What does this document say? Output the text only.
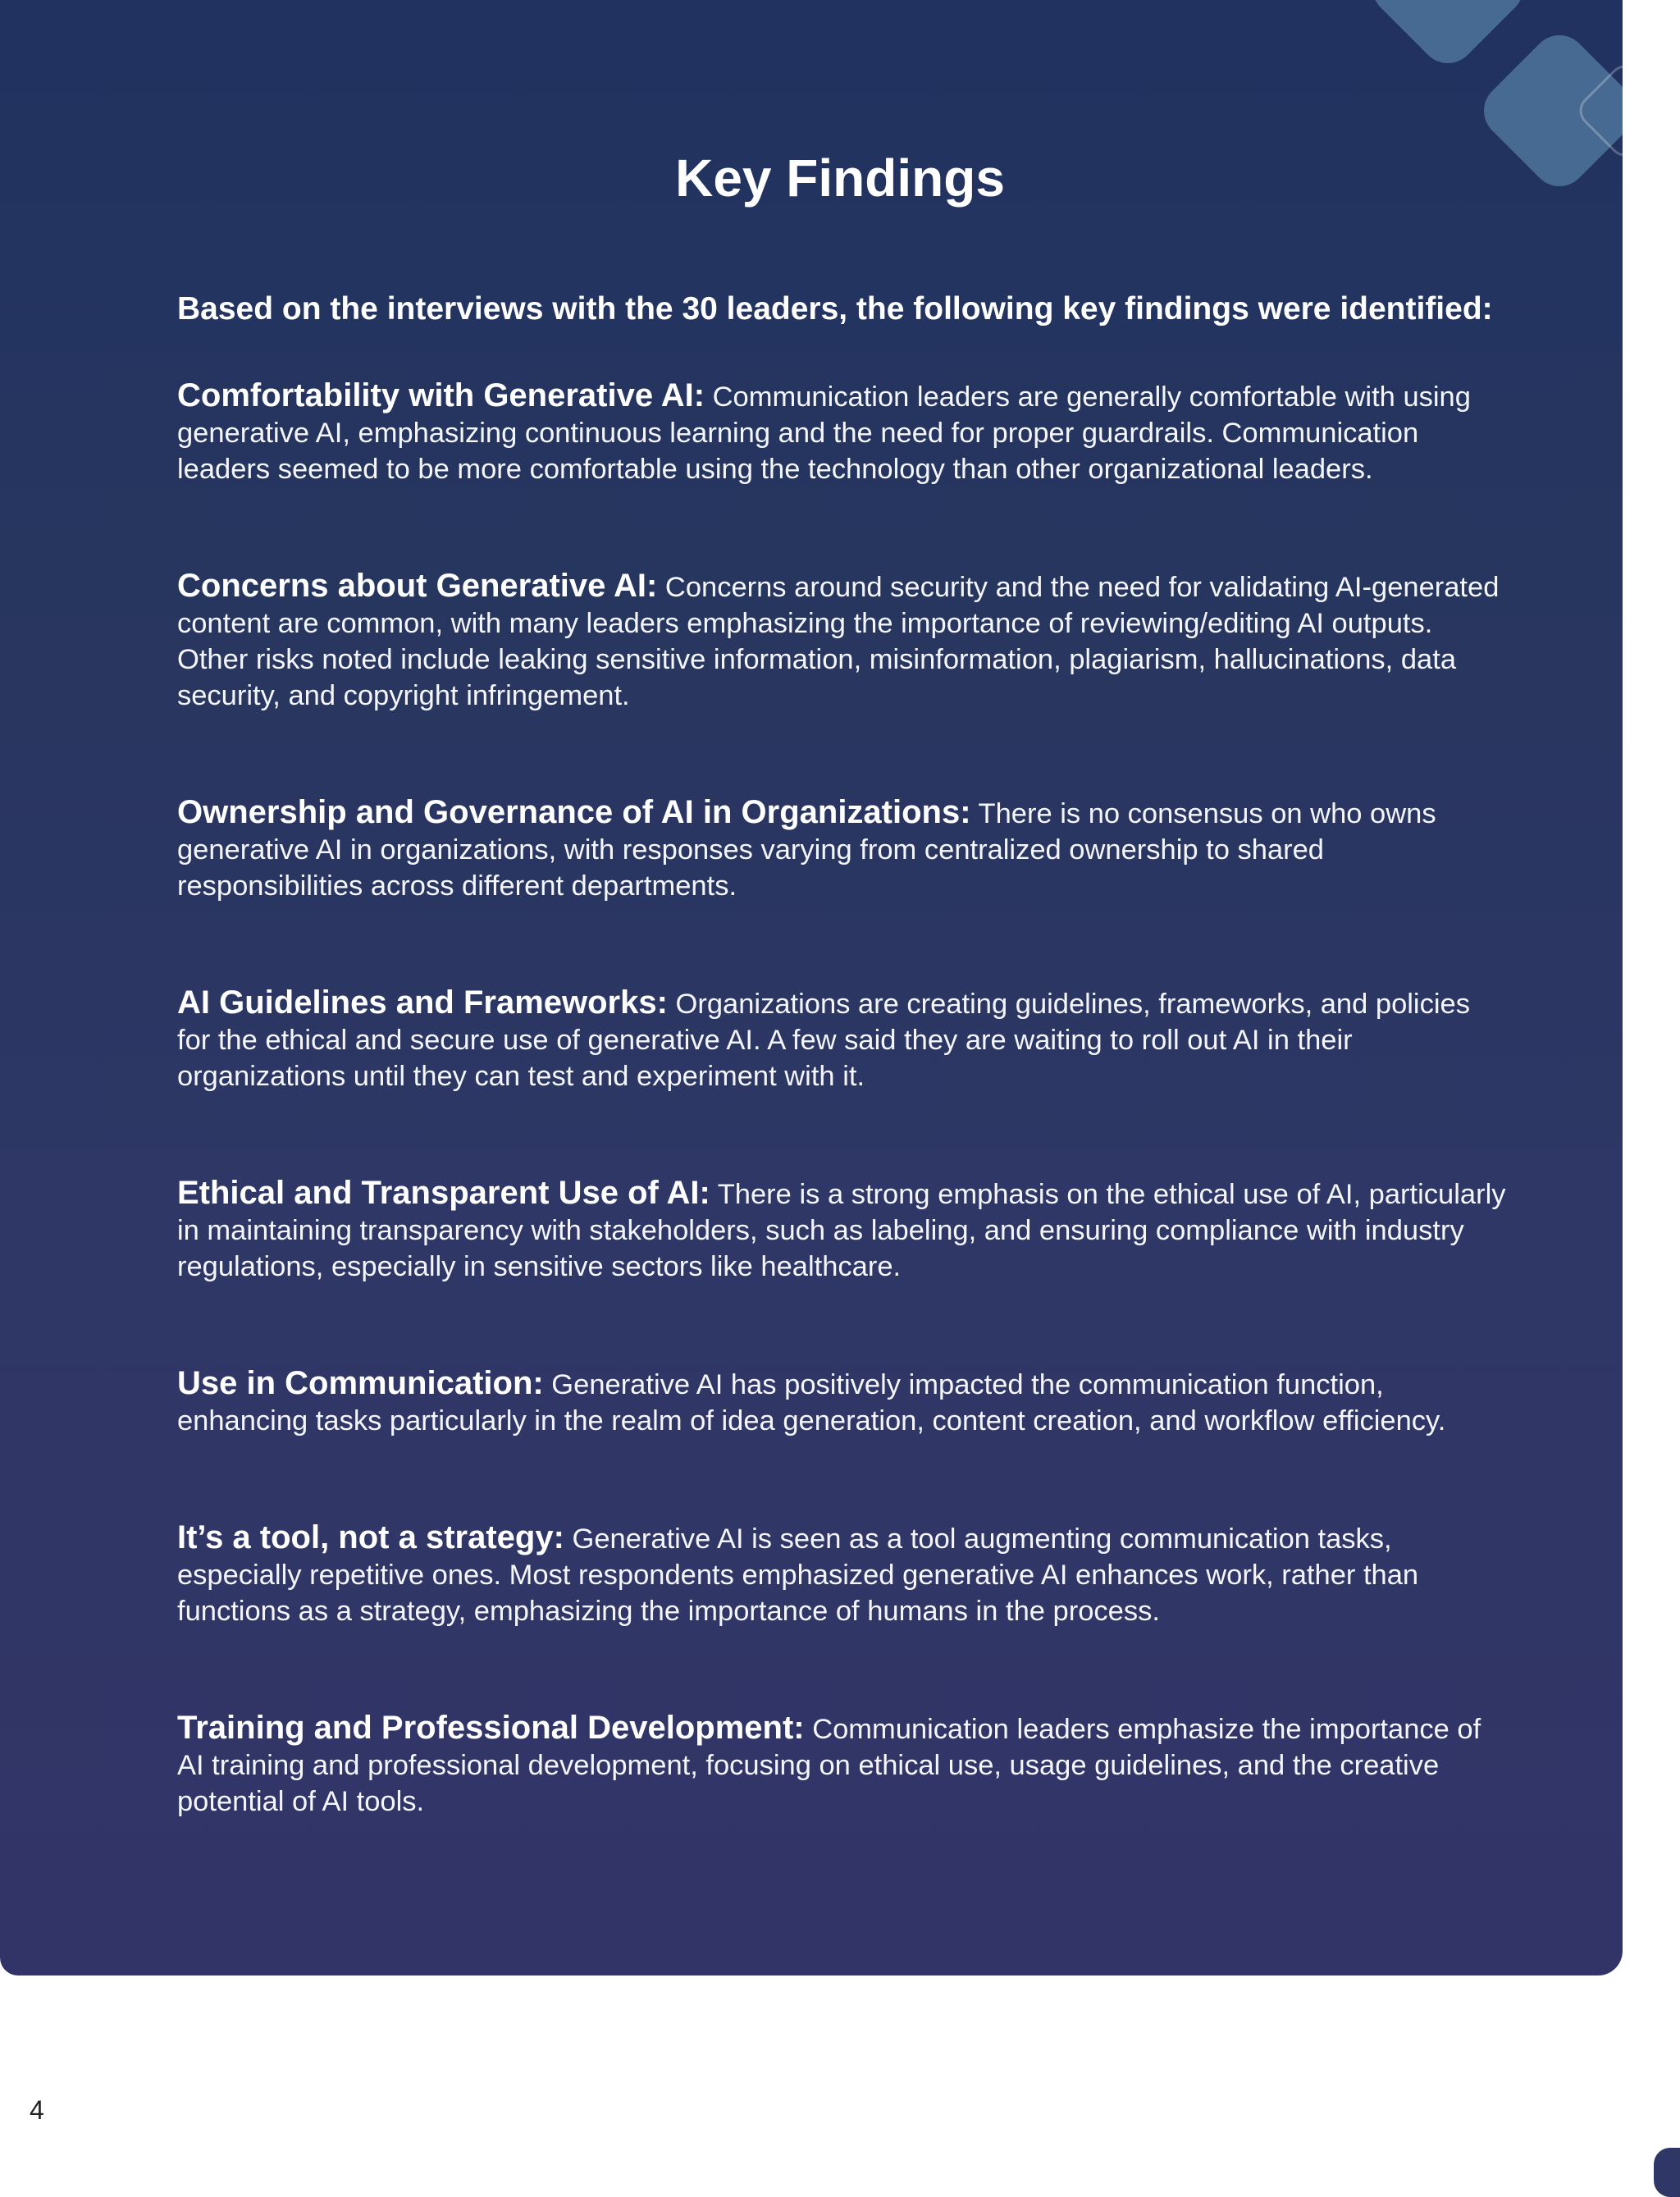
Key Findings

Based on the interviews with the 30 leaders, the following key findings were identified:

Comfortability with Generative AI: Communication leaders are generally comfortable with using generative AI, emphasizing continuous learning and the need for proper guardrails. Communication leaders seemed to be more comfortable using the technology than other organizational leaders.

Concerns about Generative AI: Concerns around security and the need for validating AI-generated content are common, with many leaders emphasizing the importance of reviewing/editing AI outputs. Other risks noted include leaking sensitive information, misinformation, plagiarism, hallucinations, data security, and copyright infringement.

Ownership and Governance of AI in Organizations: There is no consensus on who owns generative AI in organizations, with responses varying from centralized ownership to shared responsibilities across different departments.

AI Guidelines and Frameworks: Organizations are creating guidelines, frameworks, and policies for the ethical and secure use of generative AI. A few said they are waiting to roll out AI in their organizations until they can test and experiment with it.

Ethical and Transparent Use of AI: There is a strong emphasis on the ethical use of AI, particularly in maintaining transparency with stakeholders, such as labeling, and ensuring compliance with industry regulations, especially in sensitive sectors like healthcare.

Use in Communication: Generative AI has positively impacted the communication function, enhancing tasks particularly in the realm of idea generation, content creation, and workflow efficiency.

It’s a tool, not a strategy: Generative AI is seen as a tool augmenting communication tasks, especially repetitive ones. Most respondents emphasized generative AI enhances work, rather than functions as a strategy, emphasizing the importance of humans in the process.

Training and Professional Development: Communication leaders emphasize the importance of AI training and professional development, focusing on ethical use, usage guidelines, and the creative potential of AI tools.

4
